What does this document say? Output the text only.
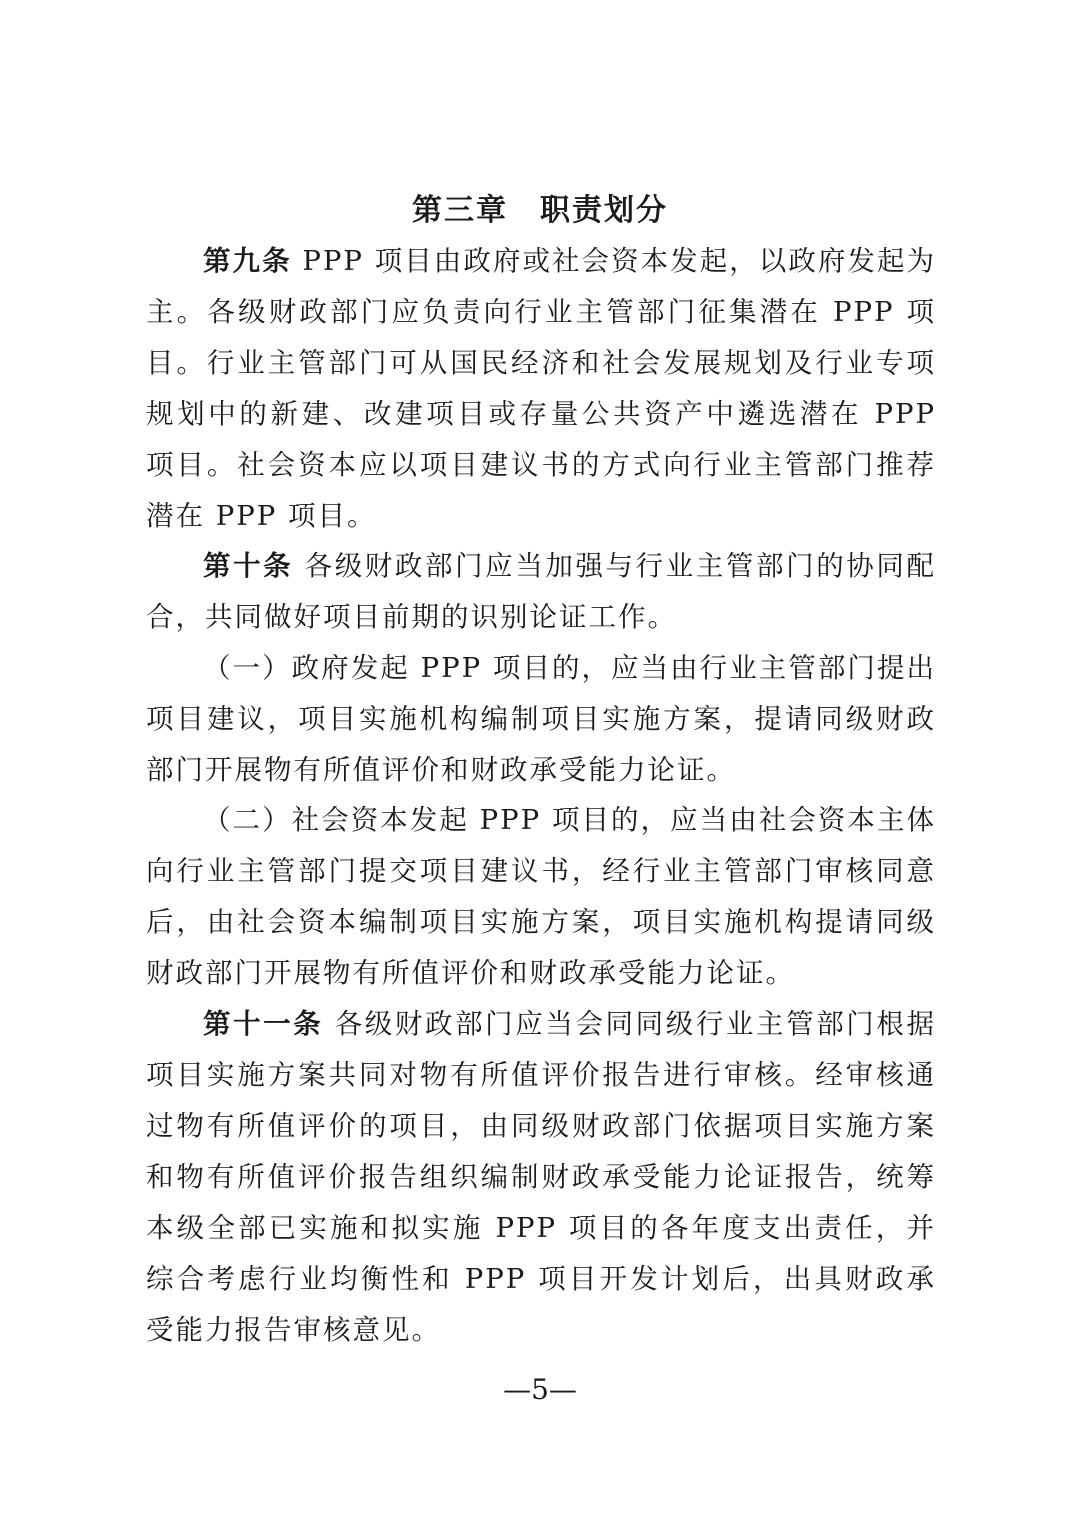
第三章　职责划分

第九条 PPP 项目由政府或社会资本发起，以政府发起为主。各级财政部门应负责向行业主管部门征集潜在 PPP 项目。行业主管部门可从国民经济和社会发展规划及行业专项规划中的新建、改建项目或存量公共资产中遴选潜在 PPP 项目。社会资本应以项目建议书的方式向行业主管部门推荐潜在 PPP 项目。

第十条 各级财政部门应当加强与行业主管部门的协同配合，共同做好项目前期的识别论证工作。

（一）政府发起 PPP 项目的，应当由行业主管部门提出项目建议，项目实施机构编制项目实施方案，提请同级财政部门开展物有所值评价和财政承受能力论证。

（二）社会资本发起 PPP 项目的，应当由社会资本主体向行业主管部门提交项目建议书，经行业主管部门审核同意后，由社会资本编制项目实施方案，项目实施机构提请同级财政部门开展物有所值评价和财政承受能力论证。

第十一条 各级财政部门应当会同同级行业主管部门根据项目实施方案共同对物有所值评价报告进行审核。经审核通过物有所值评价的项目，由同级财政部门依据项目实施方案和物有所值评价报告组织编制财政承受能力论证报告，统筹本级全部已实施和拟实施 PPP 项目的各年度支出责任，并综合考虑行业均衡性和 PPP 项目开发计划后，出具财政承受能力报告审核意见。

—5—
